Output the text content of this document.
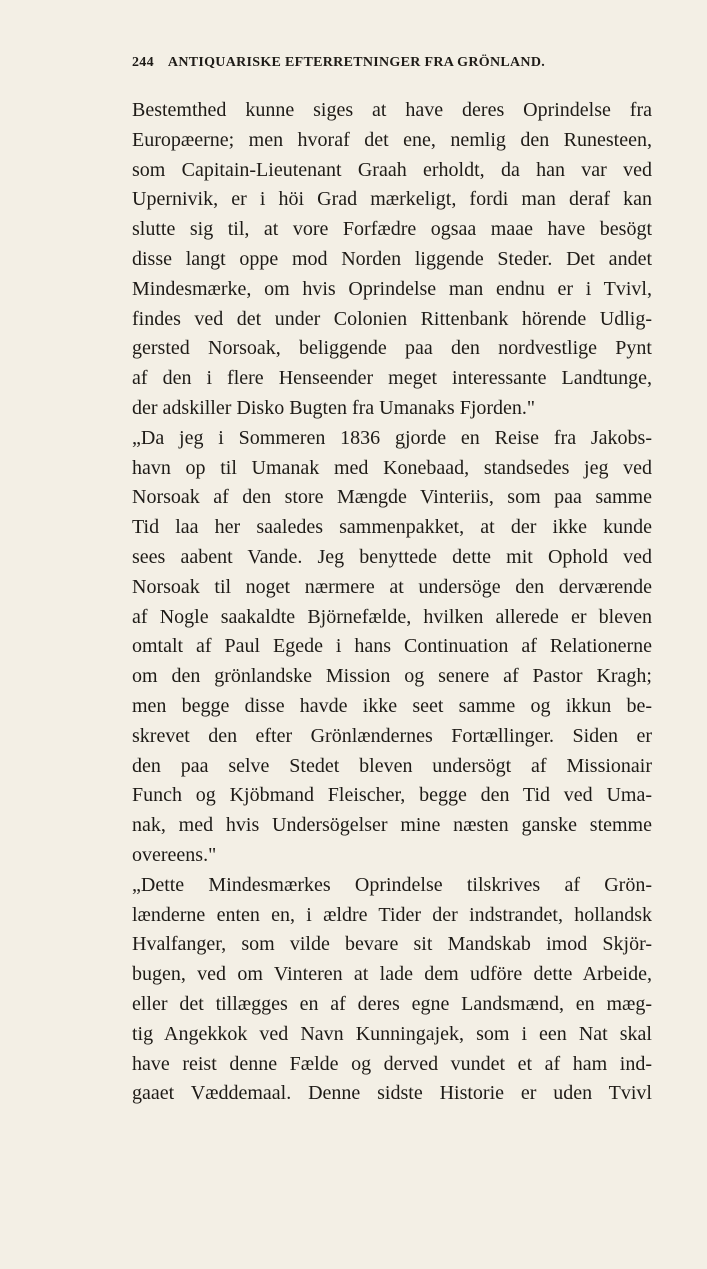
244 ANTIQUARISKE EFTERRETNINGER FRA GRÖNLAND.
Bestemthed kunne siges at have deres Oprindelse fra
Europæerne; men hvoraf det ene, nemlig den Runesteen,
som Capitain-Lieutenant Graah erholdt, da han var ved
Upernivik, er i höi Grad mærkeligt, fordi man deraf kan
slutte sig til, at vore Forfædre ogsaa maae have besögt
disse langt oppe mod Norden liggende Steder. Det andet
Mindesmærke, om hvis Oprindelse man endnu er i Tvivl,
findes ved det under Colonien Rittenbank hörende Udlig-
gersted Norsoak, beliggende paa den nordvestlige Pynt
af den i flere Henseender meget interessante Landtunge,
der adskiller Disko Bugten fra Umanaks Fjorden."
„Da jeg i Sommeren 1836 gjorde en Reise fra Jakobs-
havn op til Umanak med Konebaad, standsedes jeg ved
Norsoak af den store Mængde Vinteriis, som paa samme
Tid laa her saaledes sammenpakket, at der ikke kunde
sees aabent Vande. Jeg benyttede dette mit Ophold ved
Norsoak til noget nærmere at undersöge den derværende
af Nogle saakaldte Björnefælde, hvilken allerede er bleven
omtalt af Paul Egede i hans Continuation af Relationerne
om den grönlandske Mission og senere af Pastor Kragh;
men begge disse havde ikke seet samme og ikkun be-
skrevet den efter Grönlændernes Fortællinger. Siden er
den paa selve Stedet bleven undersögt af Missionair
Funch og Kjöbmand Fleischer, begge den Tid ved Uma-
nak, med hvis Undersögelser mine næsten ganske stemme
overeens."
„Dette Mindesmærkes Oprindelse tilskrives af Grön-
lænderne enten en, i ældre Tider der indstrandet, hollandsk
Hvalfanger, som vilde bevare sit Mandskab imod Skjör-
bugen, ved om Vinteren at lade dem udföre dette Arbeide,
eller det tillægges en af deres egne Landsmænd, en mæg-
tig Angekkok ved Navn Kunningajek, som i een Nat skal
have reist denne Fælde og derved vundet et af ham ind-
gaaet Væddemaal. Denne sidste Historie er uden Tvivl
